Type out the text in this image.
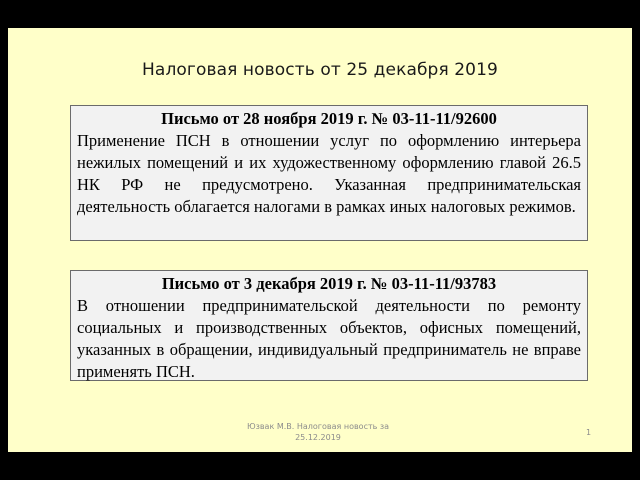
Налоговая новость от 25 декабря 2019
Письмо от 28 ноября 2019 г. № 03-11-11/92600
Применение ПСН в отношении услуг по оформлению интерьера нежилых помещений и их художественному оформлению главой 26.5 НК РФ не предусмотрено. Указанная предпринимательская деятельность облагается налогами в рамках иных налоговых режимов.
Письмо от 3 декабря 2019 г. № 03-11-11/93783
В отношении предпринимательской деятельности по ремонту социальных и производственных объектов, офисных помещений, указанных в обращении, индивидуальный предприниматель не вправе применять ПСН.
Юзвак М.В. Налоговая новость за
25.12.2019
1
